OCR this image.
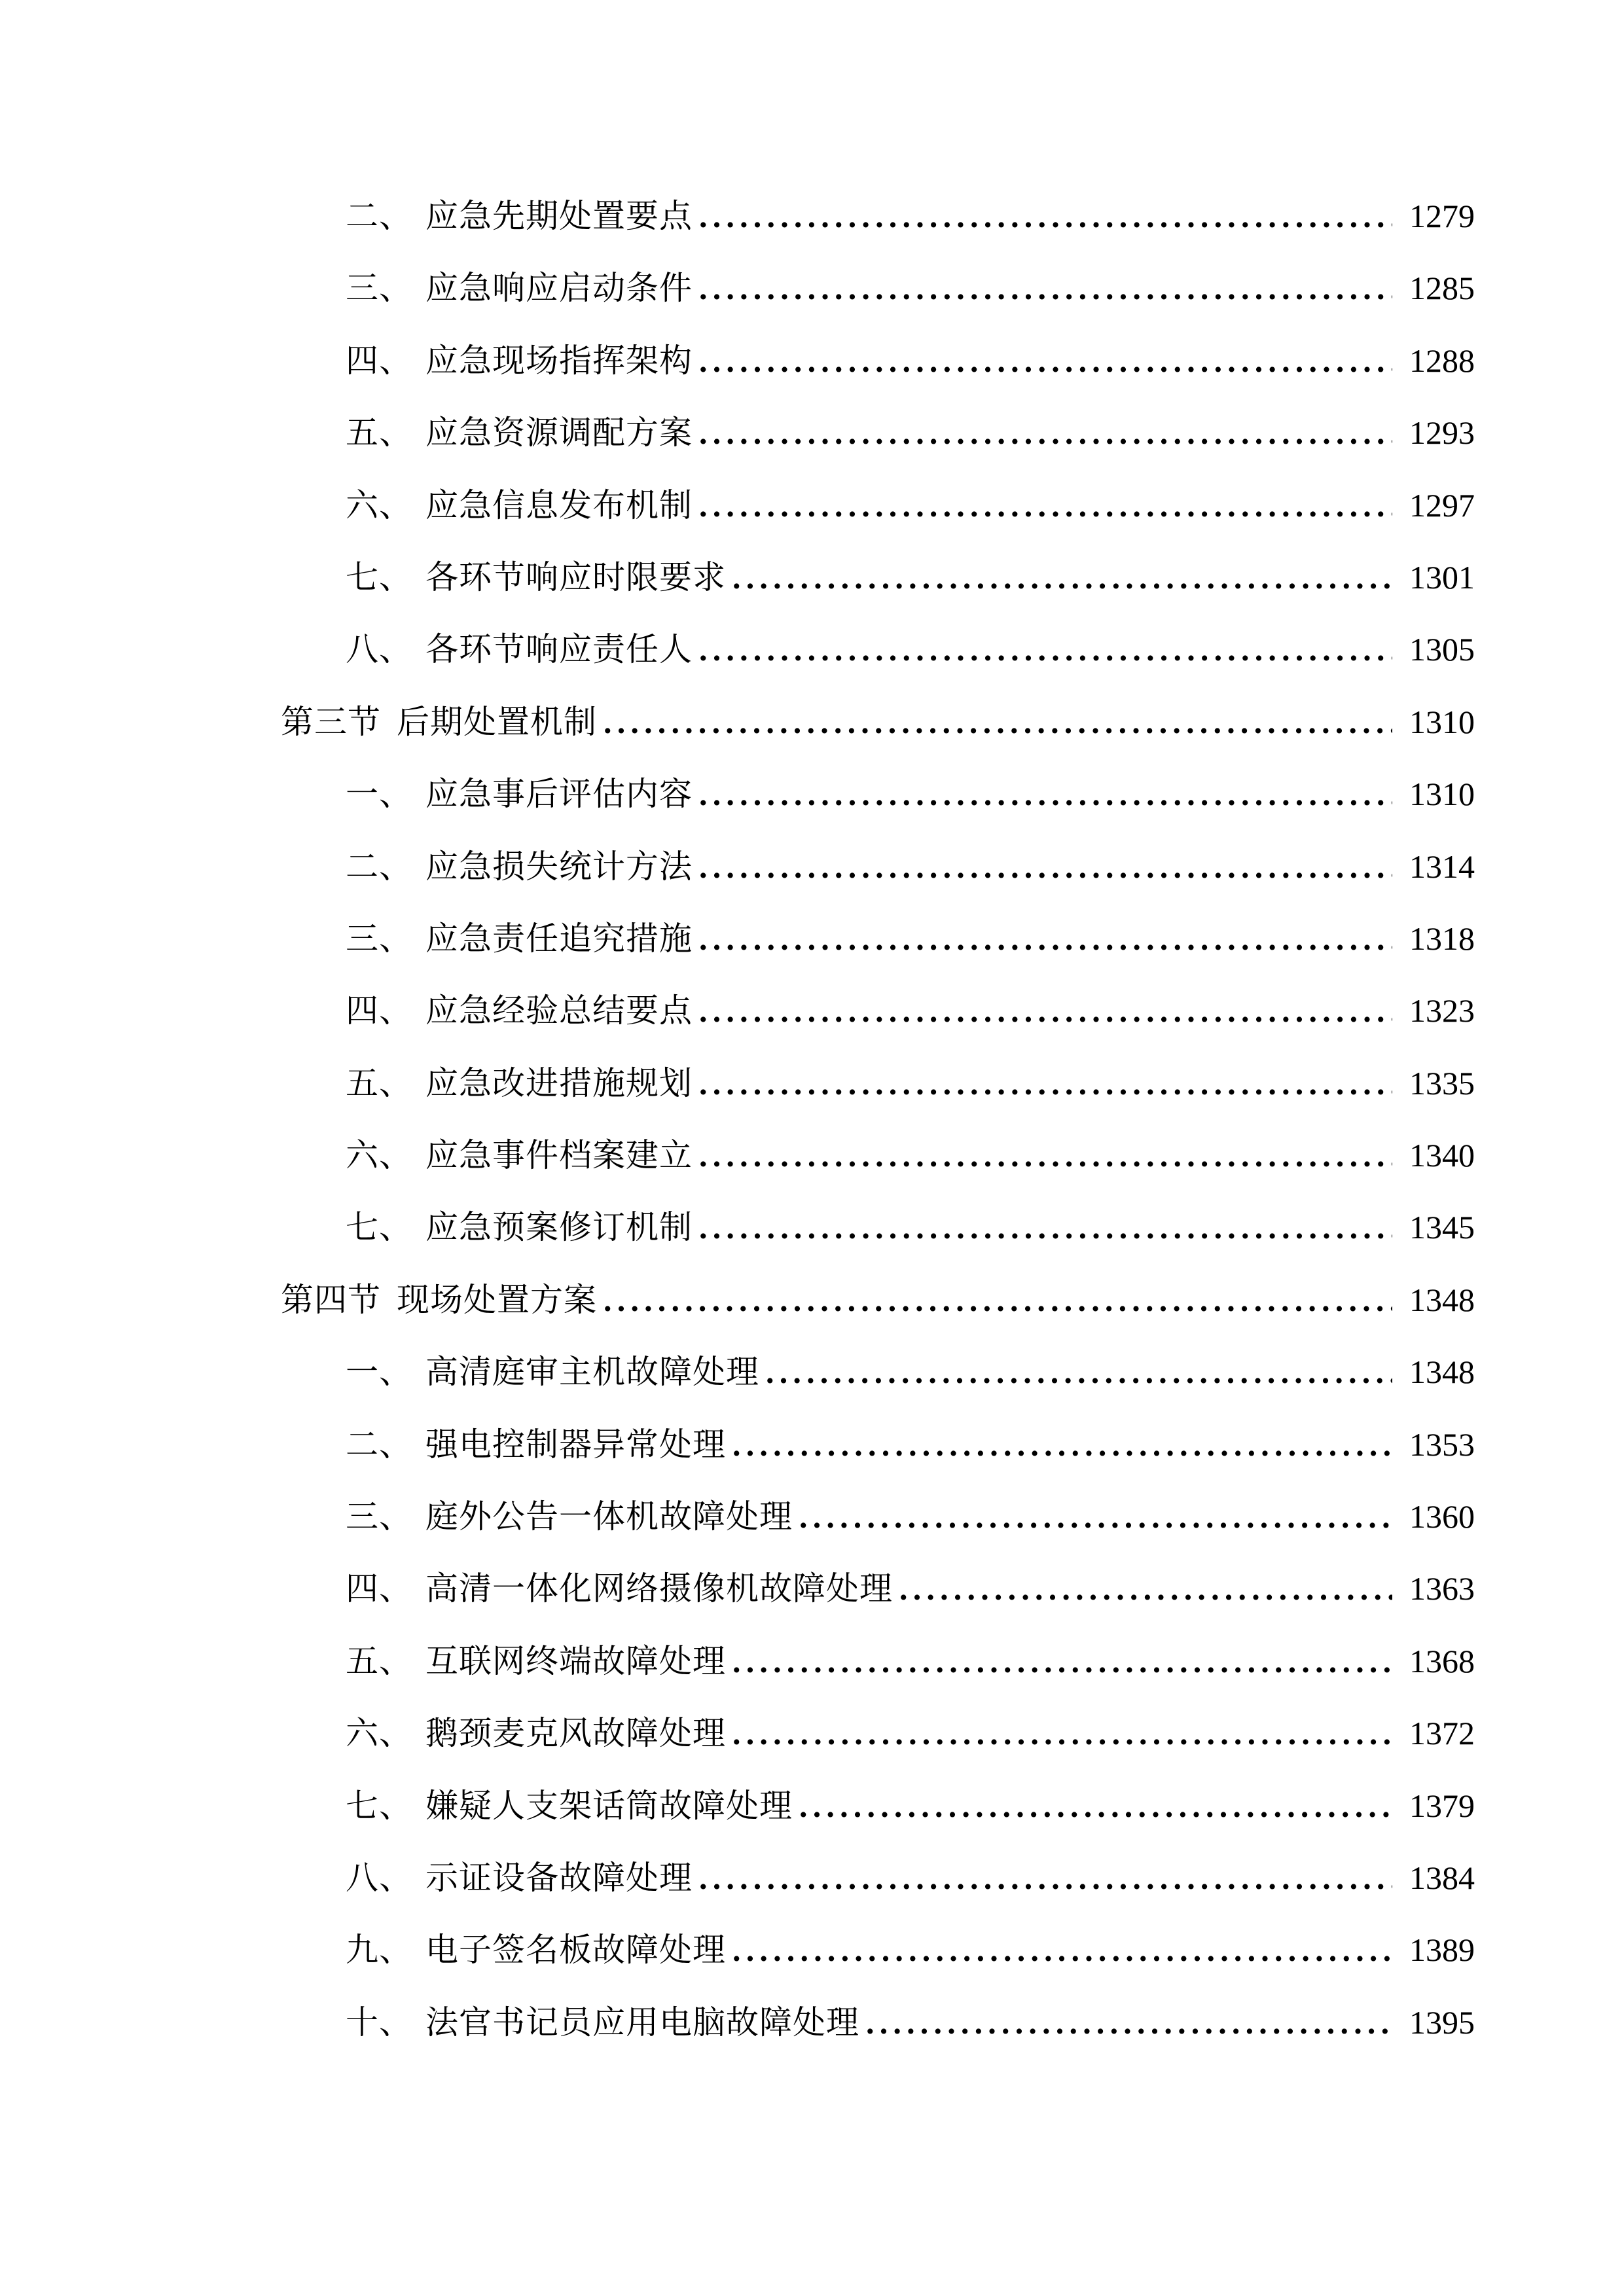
二、 应急先期处置要点 .....	1279
三、 应急响应启动条件 .....	1285
四、 应急现场指挥架构 .....	1288
五、 应急资源调配方案 .....	1293
六、 应急信息发布机制 .....	1297
七、 各环节响应时限要求 .....	1301
八、 各环节响应责任人 .....	1305
第三节 后期处置机制 .....	1310
一、 应急事后评估内容 .....	1310
二、 应急损失统计方法 .....	1314
三、 应急责任追究措施 .....	1318
四、 应急经验总结要点 .....	1323
五、 应急改进措施规划 .....	1335
六、 应急事件档案建立 .....	1340
七、 应急预案修订机制 .....	1345
第四节 现场处置方案 .....	1348
一、 高清庭审主机故障处理 .....	1348
二、 强电控制器异常处理 .....	1353
三、 庭外公告一体机故障处理 .....	1360
四、 高清一体化网络摄像机故障处理 .....	1363
五、 互联网终端故障处理 .....	1368
六、 鹅颈麦克风故障处理 .....	1372
七、 嫌疑人支架话筒故障处理 .....	1379
八、 示证设备故障处理 .....	1384
九、 电子签名板故障处理 .....	1389
十、 法官书记员应用电脑故障处理 .....	1395
